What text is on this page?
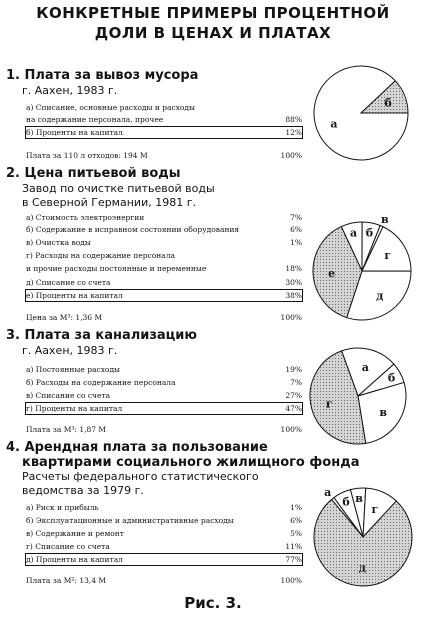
КОНКРЕТНЫЕ ПРИМЕРЫ ПРОЦЕНТНОЙ
ДОЛИ В ЦЕНАХ И ПЛАТАХ
1. Плата за вывоз мусора
г. Аахен, 1983 г.
а) Списание, основные расходы и расходы
на содержание персонала, прочее	88%
б) Проценты на капитал	12%
Плата за 110 л отходов: 194 М	100%
а
б
2. Цена питьевой воды
Завод по очистке питьевой воды
в Северной Германии, 1981 г.
а) Стоимость электроэнергии	7%
б) Содержание в исправном состоянии оборудования	6%
в) Очистка воды	1%
г) Расходы на содержание персонала
и прочие расходы постоянные и переменные	18%
д) Списание со счета	30%
е) Проценты на капитал	38%
Цена за М³: 1,36 М	100%
а б
в
г
д
е
3. Плата за канализацию
г. Аахен, 1983 г.
а) Постоянные расходы	19%
б) Расходы на содержание персонала	7%
в) Списание со счета	27%
г) Проценты на капитал	47%
Плата за М³: 1,87 М	100%
а
б
в
г
4. Арендная плата за пользование
квартирами социального жилищного фонда
Расчеты федерального статистического
ведомства за 1979 г.
а) Риск и прибыль	1%
б) Эксплуатационные и административные расходы	6%
в) Содержание и ремонт	5%
г) Списание со счета	11%
д) Проценты на капитал	77%
Плата за М²: 13,4 М	100%
а
б в
г
д
Рис. 3.
